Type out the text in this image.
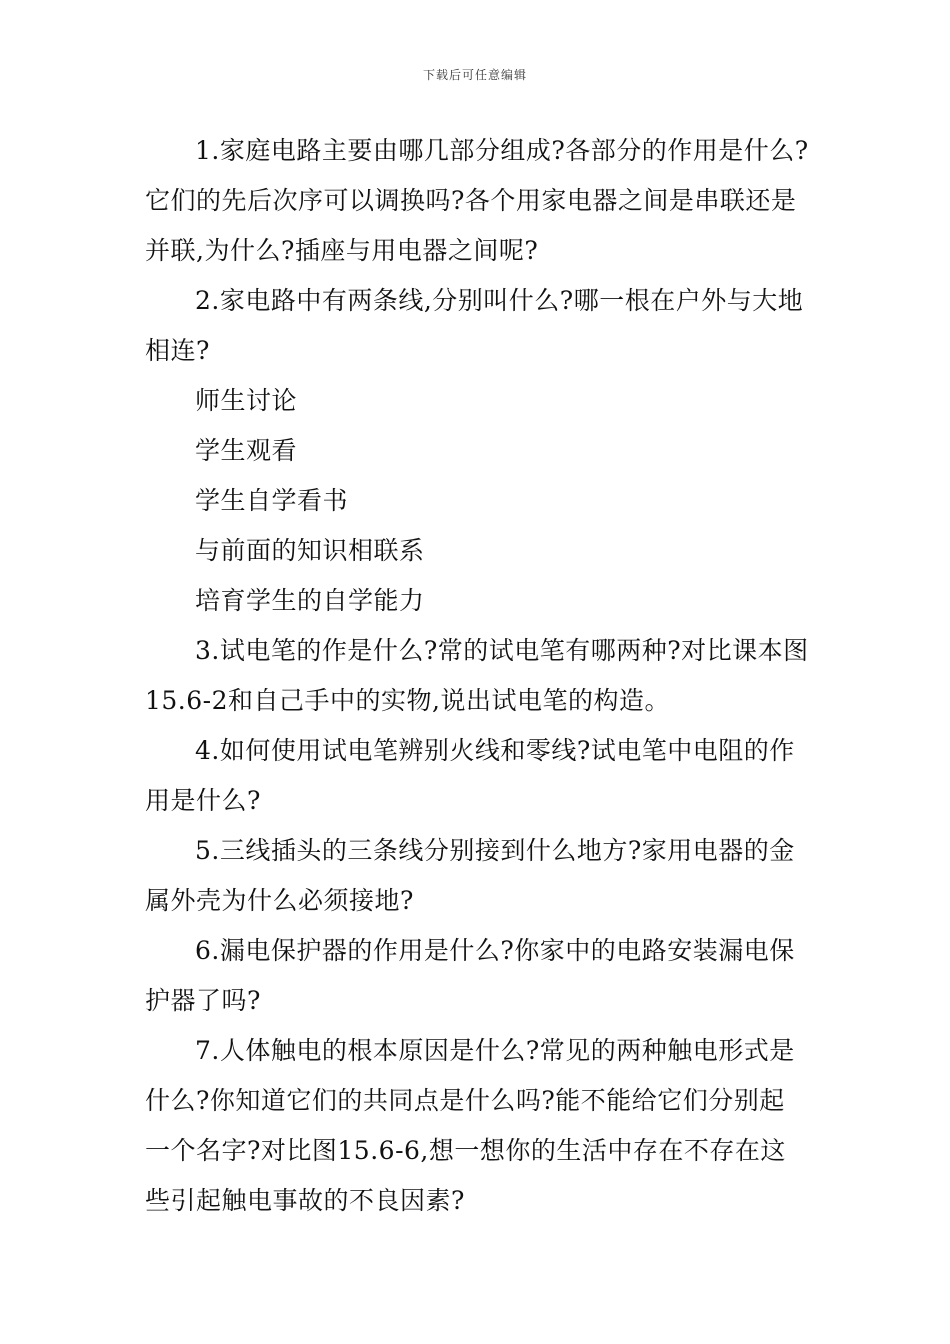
下载后可任意编辑

1.家庭电路主要由哪几部分组成?各部分的作用是什么?它们的先后次序可以调换吗?各个用家电器之间是串联还是并联,为什么?插座与用电器之间呢?

2.家电路中有两条线,分别叫什么?哪一根在户外与大地相连?

师生讨论

学生观看

学生自学看书

与前面的知识相联系

培育学生的自学能力

3.试电笔的作是什么?常的试电笔有哪两种?对比课本图15.6-2和自己手中的实物,说出试电笔的构造。

4.如何使用试电笔辨别火线和零线?试电笔中电阻的作用是什么?

5.三线插头的三条线分别接到什么地方?家用电器的金属外壳为什么必须接地?

6.漏电保护器的作用是什么?你家中的电路安装漏电保护器了吗?

7.人体触电的根本原因是什么?常见的两种触电形式是什么?你知道它们的共同点是什么吗?能不能给它们分别起一个名字?对比图15.6-6,想一想你的生活中存在不存在这些引起触电事故的不良因素?
